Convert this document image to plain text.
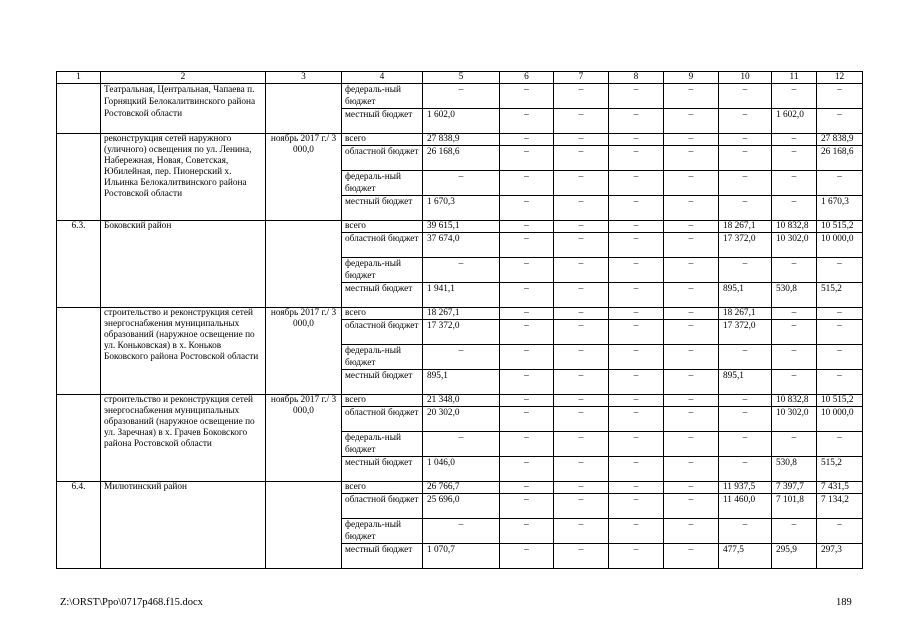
1	2	3	4	5	6	7	8	9	10	11	12
	Театральная, Центральная, Чапаева п. Горняцкий Белокалитвинского района Ростовской области		федераль-ный бюджет	–	–	–	–	–	–	–	–
			местный бюджет	1 602,0	–	–	–	–	–	1 602,0	–
	реконструкция сетей наружного (уличного) освещения по ул. Ленина, Набережная, Новая, Советская, Юбилейная, пер. Пионерский х. Ильинка Белокалитвинского района Ростовской области	ноябрь 2017 г./ 3 000,0	всего	27 838,9	–	–	–	–	–	–	27 838,9
			областной бюджет	26 168,6	–	–	–	–	–	–	26 168,6
			федераль-ный бюджет	–	–	–	–	–	–	–	–
			местный бюджет	1 670,3	–	–	–	–	–	–	1 670,3
6.3.	Боковский район		всего	39 615,1	–	–	–	–	18 267,1	10 832,8	10 515,2
			областной бюджет	37 674,0	–	–	–	–	17 372,0	10 302,0	10 000,0
			федераль-ный бюджет	–	–	–	–	–	–	–	–
			местный бюджет	1 941,1	–	–	–	–	895,1	530,8	515,2
	строительство и реконструкция сетей энергоснабжения муниципальных образований (наружное освещение по ул. Коньковская) в х. Коньков Боковского района Ростовской области	ноябрь 2017 г./ 3 000,0	всего	18 267,1	–	–	–	–	18 267,1	–	–
			областной бюджет	17 372,0	–	–	–	–	17 372,0	–	–
			федераль-ный бюджет	–	–	–	–	–	–	–	–
			местный бюджет	895,1	–	–	–	–	895,1	–	–
	строительство и реконструкция сетей энергоснабжения муниципальных образований (наружное освещение по ул. Заречная) в х. Грачев Боковского района Ростовской области	ноябрь 2017 г./ 3 000,0	всего	21 348,0	–	–	–	–	–	10 832,8	10 515,2
			областной бюджет	20 302,0	–	–	–	–	–	10 302,0	10 000,0
			федераль-ный бюджет	–	–	–	–	–	–	–	–
			местный бюджет	1 046,0	–	–	–	–	–	530,8	515,2
6.4.	Милютинский район		всего	26 766,7	–	–	–	–	11 937,5	7 397,7	7 431,5
			областной бюджет	25 696,0	–	–	–	–	11 460,0	7 101,8	7 134,2
			федераль-ный бюджет	–	–	–	–	–	–	–	–
			местный бюджет	1 070,7	–	–	–	–	477,5	295,9	297,3
Z:\ORST\Ppo\0717p468.f15.docx	189
